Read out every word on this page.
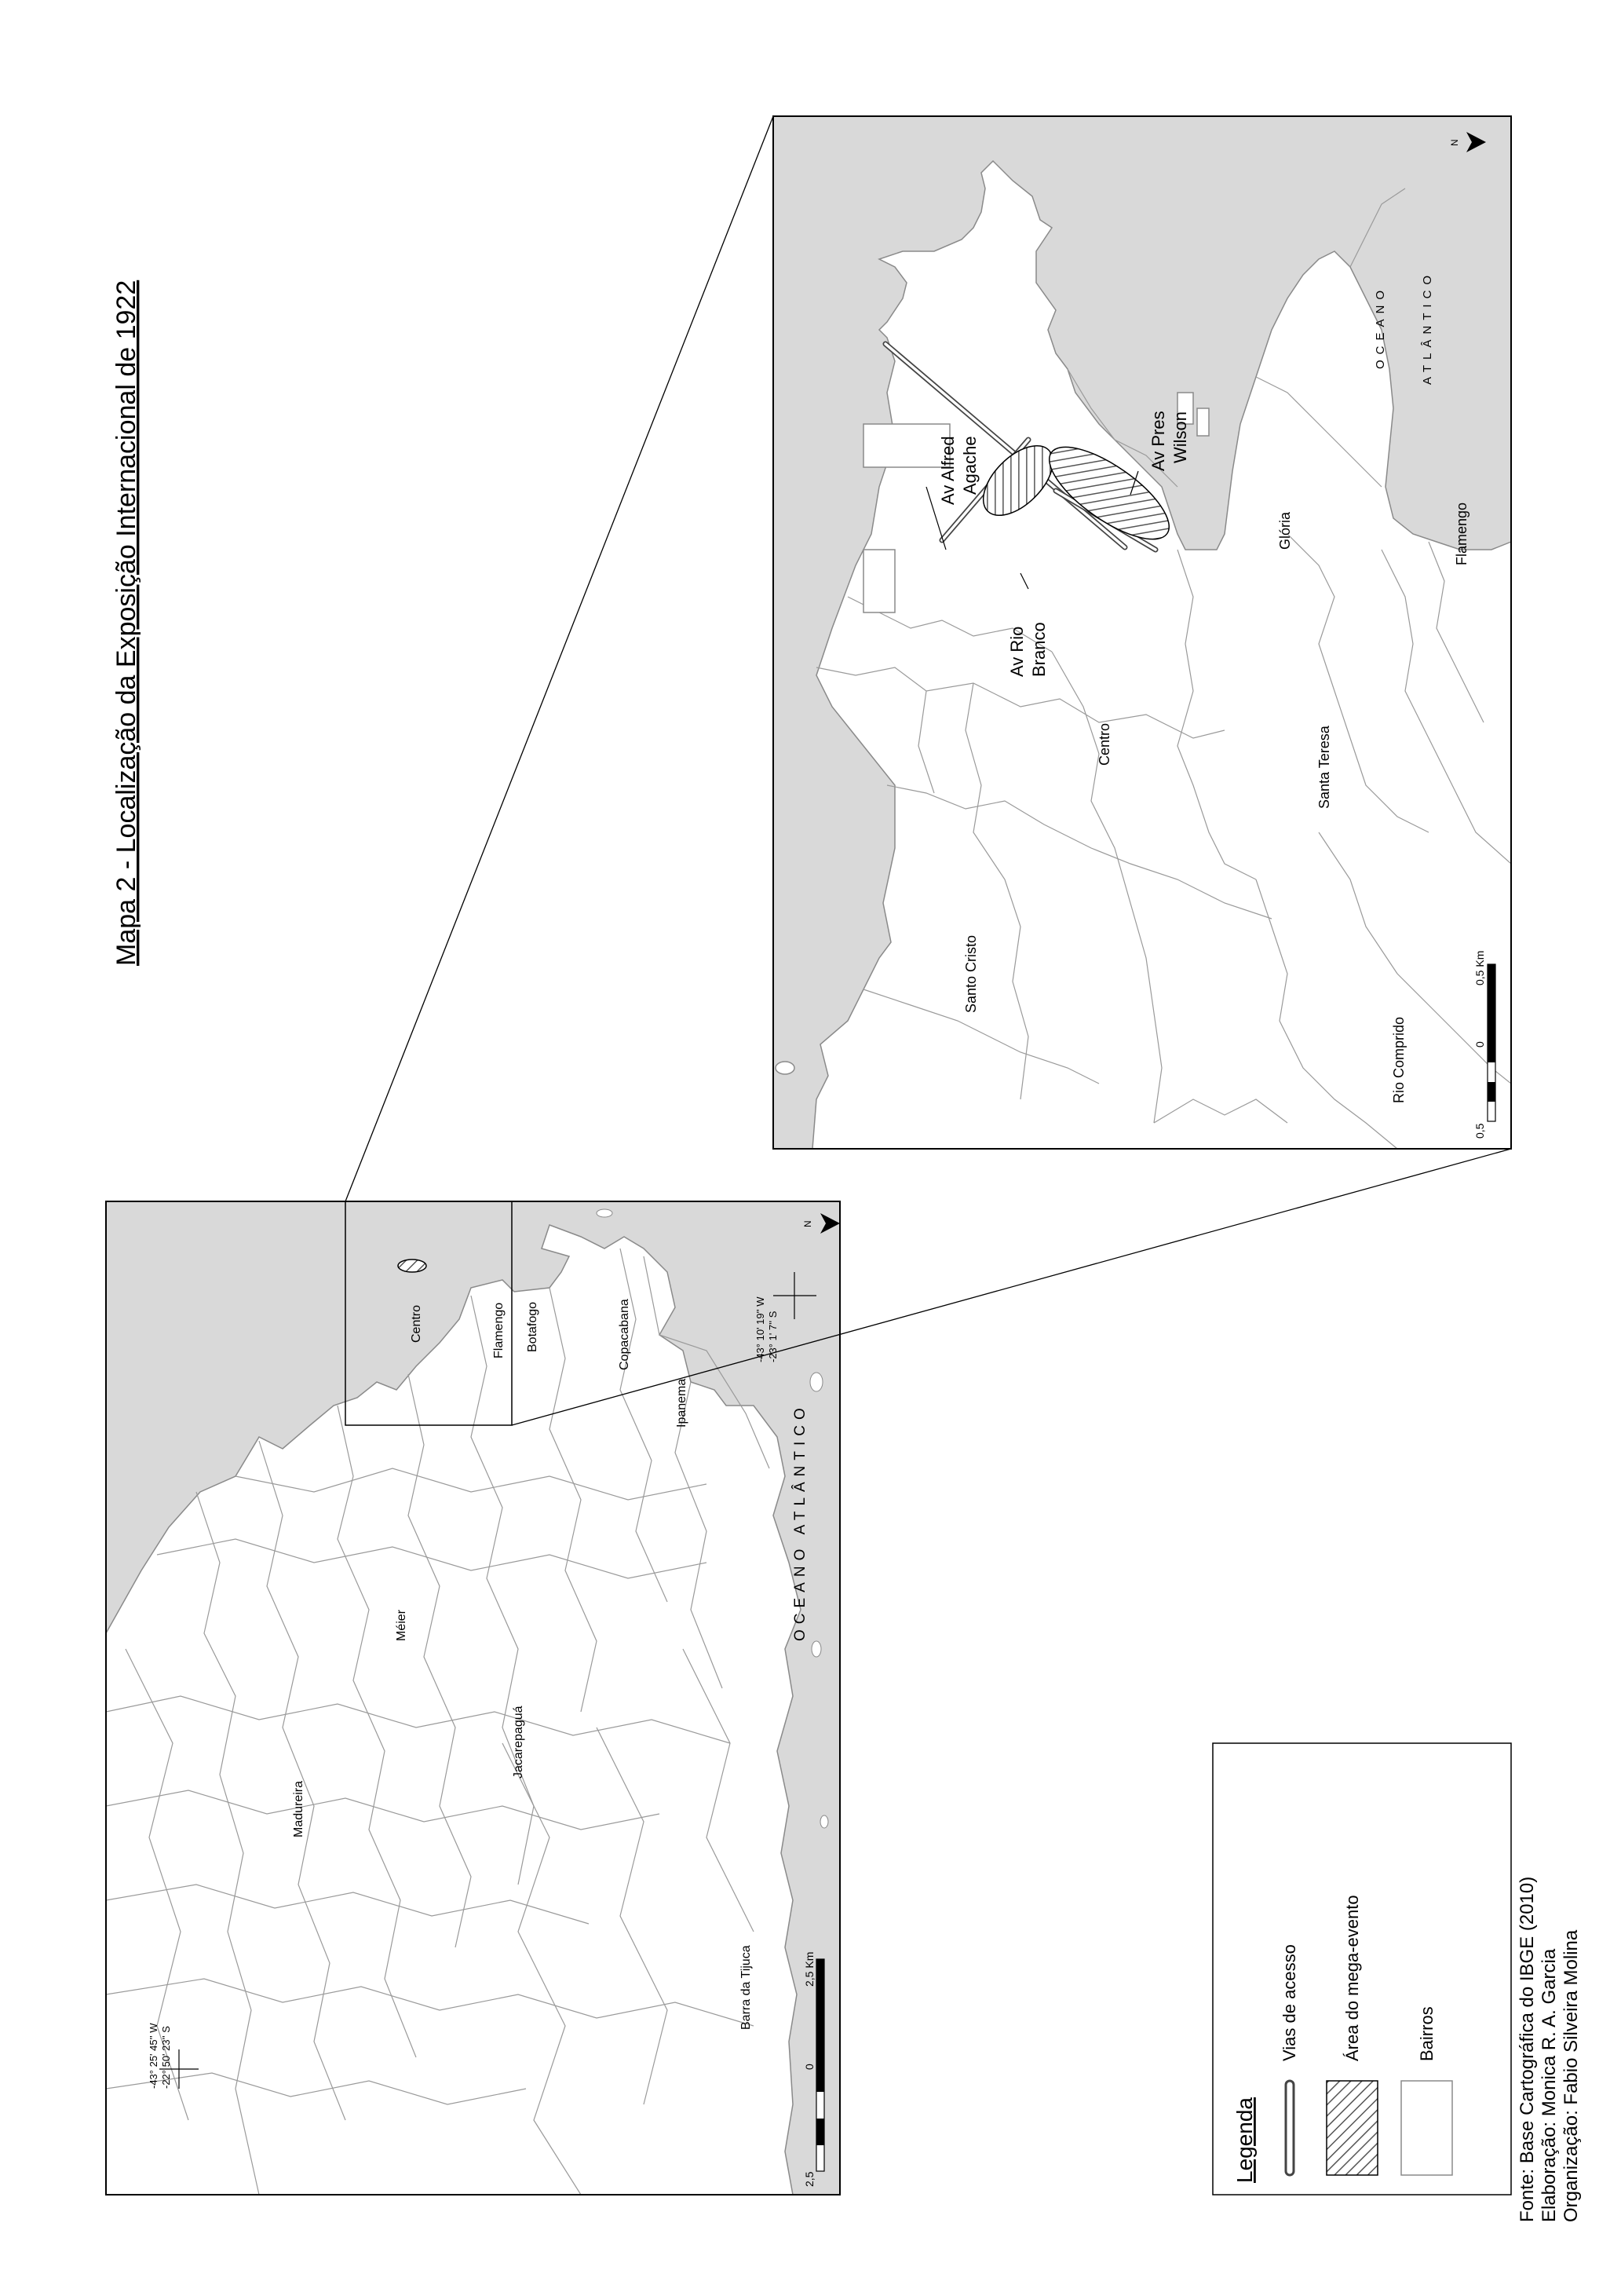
Mapa 2 - Localização da Exposição Internacional de 1922
Centro	Flamengo Botafogo	Copacabana
Ipanema
Méier
Jacarepaguá
Madureira
Barra da Tijuca
OCEANO ATLÂNTICO
-43° 25' 45'' W -22° 50' 23'' S
-43° 10' 19'' W -23° 1' 7'' S
N
2,5
0
2,5 Km
Av Alfred Agache	Av Pres Wilson
Av Rio Branco
Centro
Santo Cristo
Santa Teresa
Glória	Flamengo
Rio Comprido
OCEANO	ATLÂNTICO
N
0,5
0
0,5 Km
Legenda
Vias de acesso	Área do mega-evento	Bairros	Fonte: Base Cartográfica do IBGE (2010) Elaboração: Monica R. A. Garcia Organização: Fabio Silveira Molina
